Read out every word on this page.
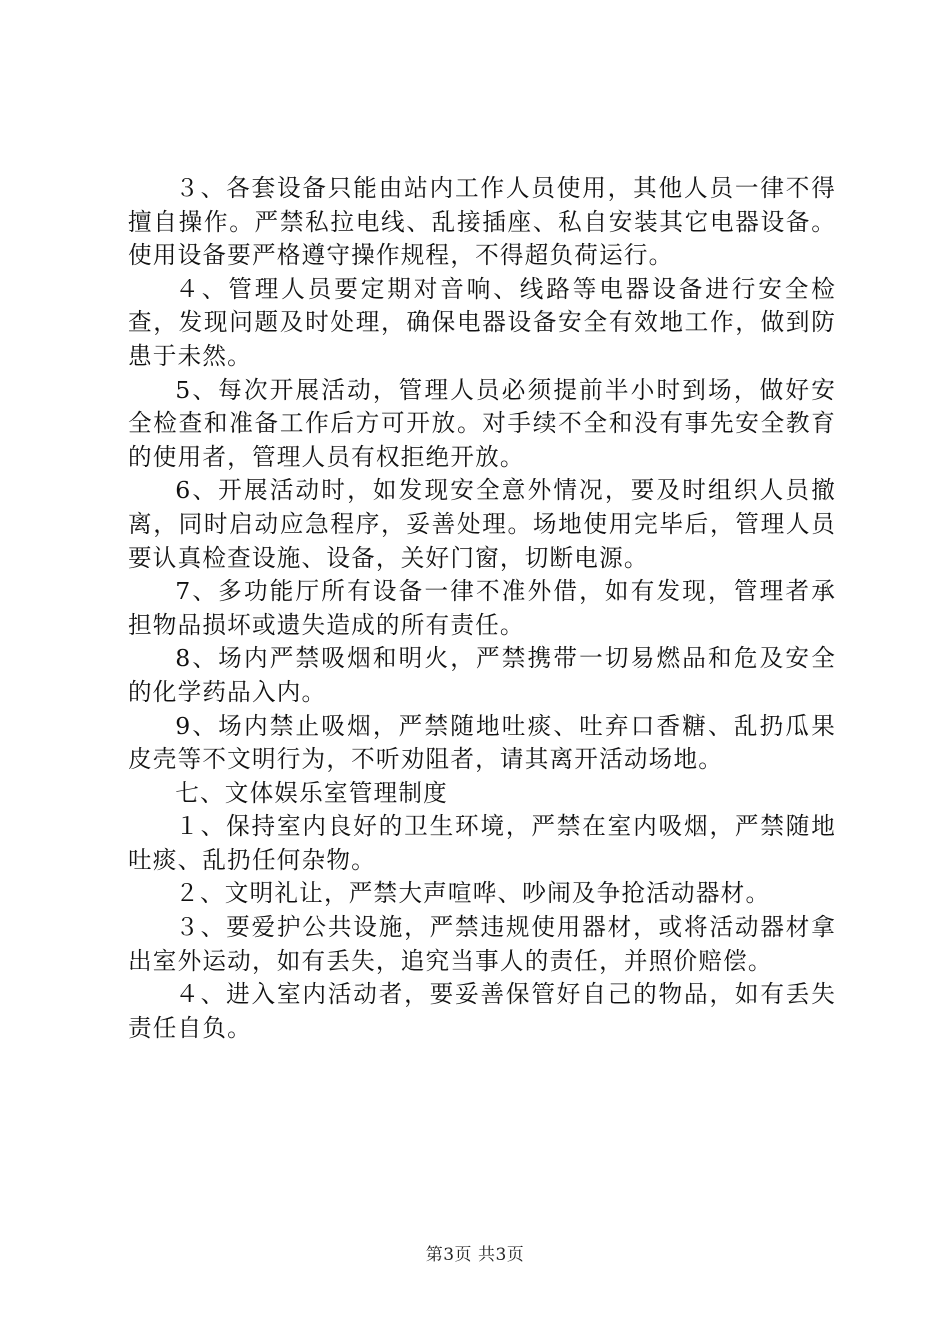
３、各套设备只能由站内工作人员使用，其他人员一律不得擅自操作。严禁私拉电线、乱接插座、私自安装其它电器设备。使用设备要严格遵守操作规程，不得超负荷运行。

４、管理人员要定期对音响、线路等电器设备进行安全检查，发现问题及时处理，确保电器设备安全有效地工作，做到防患于未然。

5、每次开展活动，管理人员必须提前半小时到场，做好安全检查和准备工作后方可开放。对手续不全和没有事先安全教育的使用者，管理人员有权拒绝开放。

6、开展活动时，如发现安全意外情况，要及时组织人员撤离，同时启动应急程序，妥善处理。场地使用完毕后，管理人员要认真检查设施、设备，关好门窗，切断电源。

7、多功能厅所有设备一律不准外借，如有发现，管理者承担物品损坏或遗失造成的所有责任。

8、场内严禁吸烟和明火，严禁携带一切易燃品和危及安全的化学药品入内。

9、场内禁止吸烟，严禁随地吐痰、吐弃口香糖、乱扔瓜果皮壳等不文明行为，不听劝阻者，请其离开活动场地。

七、文体娱乐室管理制度

１、保持室内良好的卫生环境，严禁在室内吸烟，严禁随地吐痰、乱扔任何杂物。

２、文明礼让，严禁大声喧哗、吵闹及争抢活动器材。

３、要爱护公共设施，严禁违规使用器材，或将活动器材拿出室外运动，如有丢失，追究当事人的责任，并照价赔偿。

４、进入室内活动者，要妥善保管好自己的物品，如有丢失责任自负。

第3页 共3页
